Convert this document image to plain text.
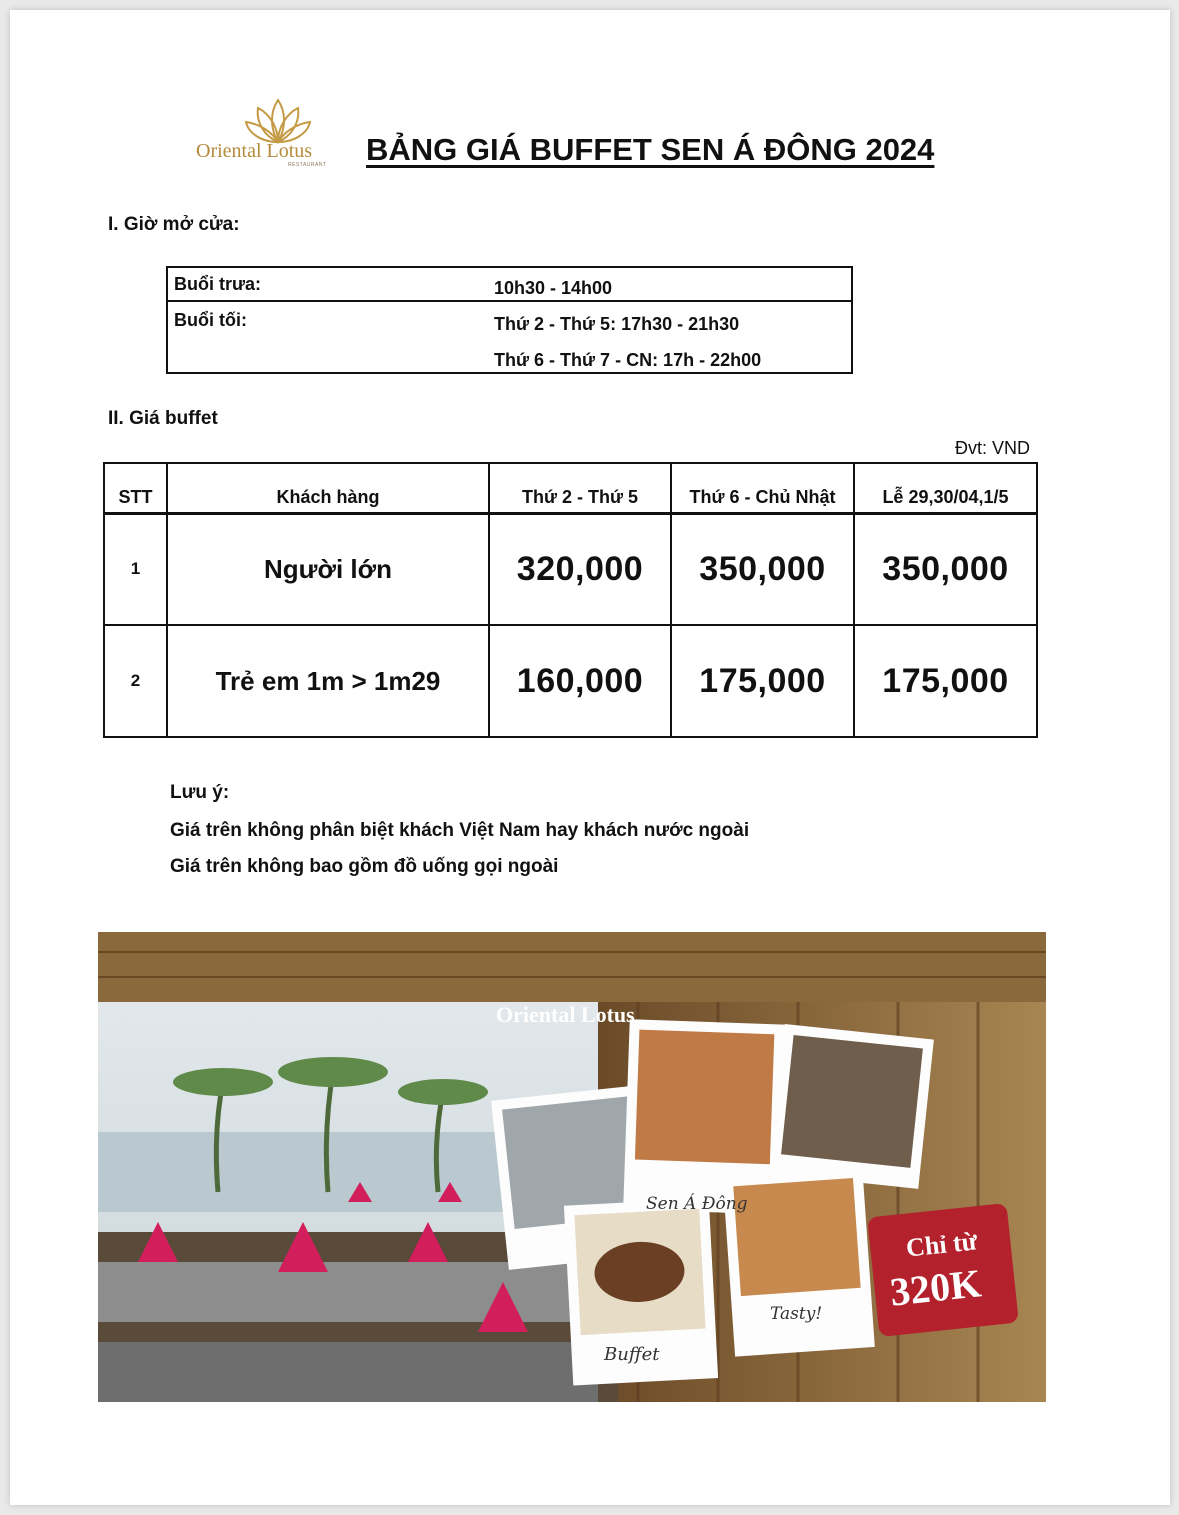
Oriental Lotus
RESTAURANT BẢNG GIÁ BUFFET SEN Á ĐÔNG 2024
I. Giờ mở cửa:
Buổi trưa:	10h30 - 14h00
Buổi tối:	Thứ 2 - Thứ 5: 17h30 - 21h30
Thứ 6 - Thứ 7 - CN: 17h - 22h00
II. Giá buffet
Đvt: VND
STT	Khách hàng	Thứ 2 - Thứ 5	Thứ 6 - Chủ Nhật	Lễ 29,30/04,1/5
1	Người lớn	320,000	350,000	350,000
2	Trẻ em 1m > 1m29	160,000	175,000	175,000
Lưu ý:
Giá trên không phân biệt khách Việt Nam hay khách nước ngoài
Giá trên không bao gồm đồ uống gọi ngoài
Oriental Lotus
Sen Á Đông
Tasty!
Buffet
Chỉ từ
320K
